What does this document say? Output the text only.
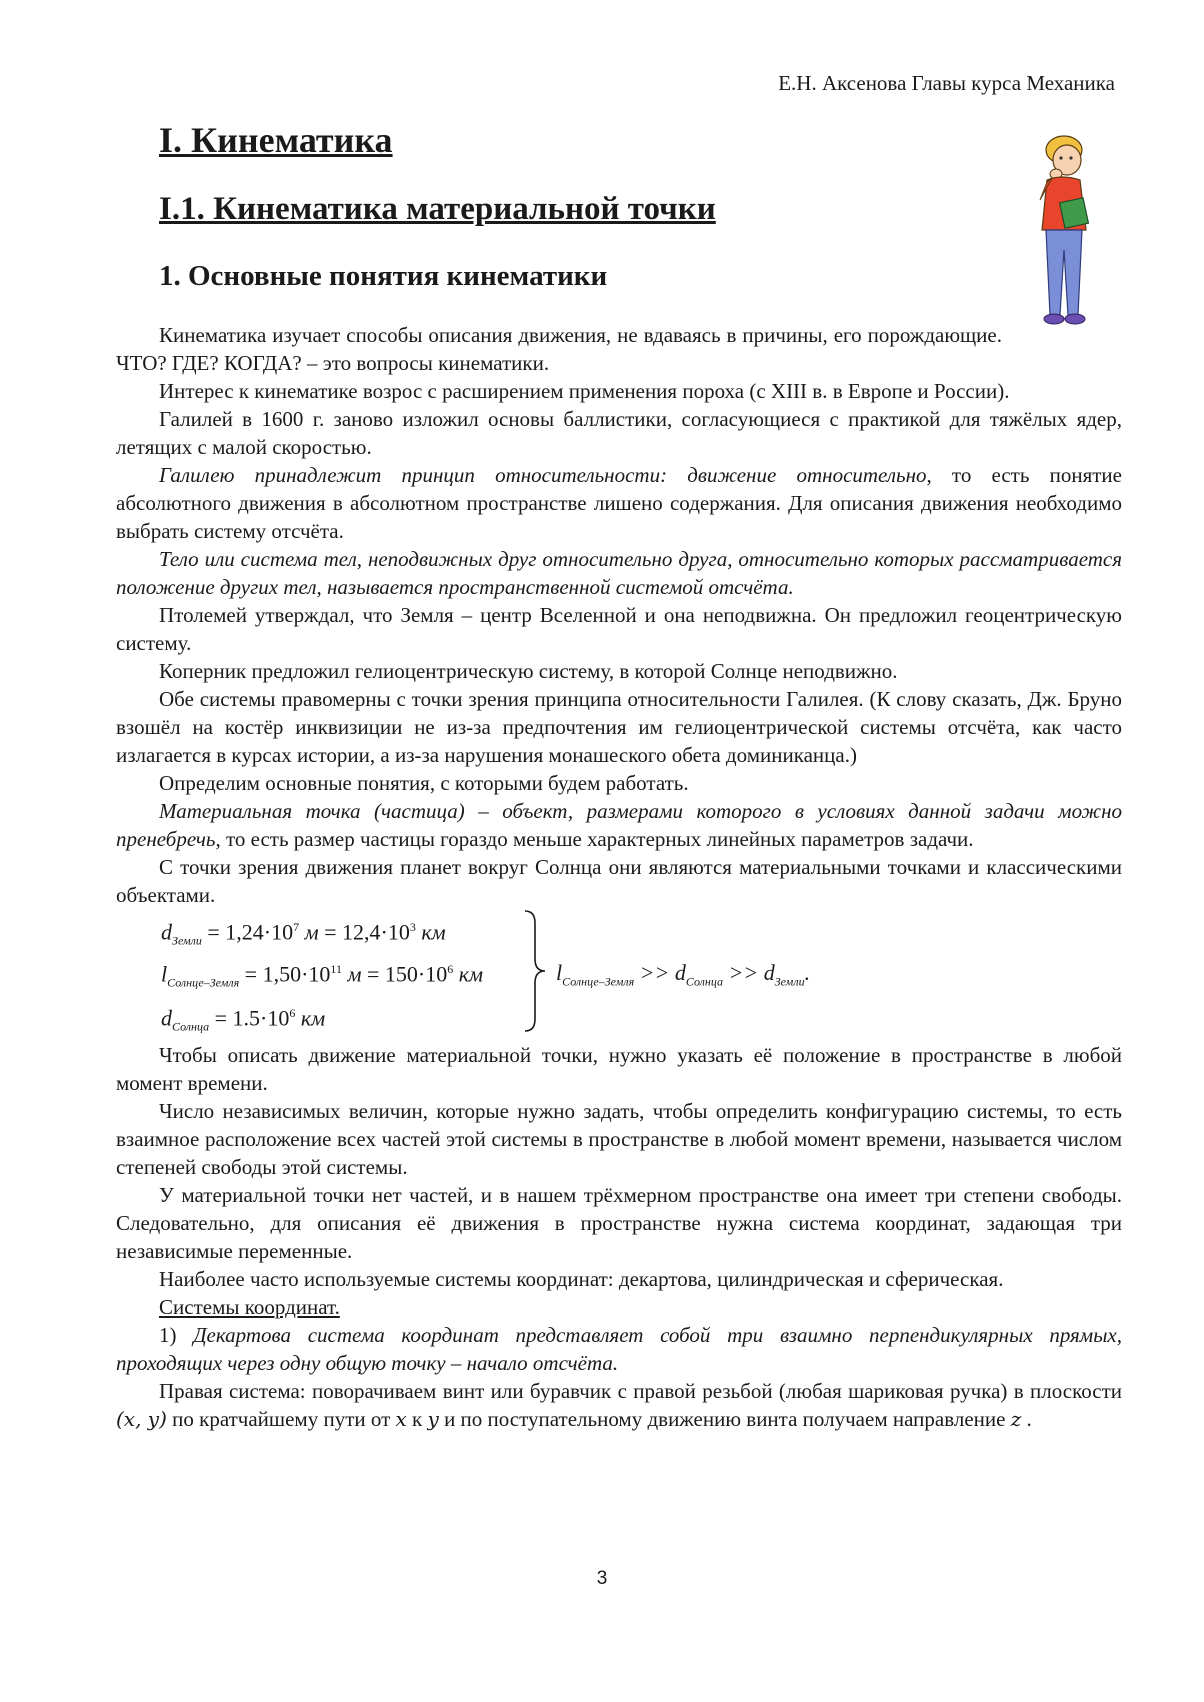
Е.Н. Аксенова Главы курса Механика
I. Кинематика
I.1. Кинематика материальной точки
1. Основные понятия кинематики

Кинематика изучает способы описания движения, не вдаваясь в причины, его порождающие. ЧТО? ГДЕ? КОГДА? – это вопросы кинематики.

Интерес к кинематике возрос с расширением применения пороха (с XIII в. в Европе и России).

Галилей в 1600 г. заново изложил основы баллистики, согласующиеся с практикой для тяжёлых ядер, летящих с малой скоростью.

Галилею принадлежит принцип относительности: движение относительно, то есть понятие абсолютного движения в абсолютном пространстве лишено содержания. Для описания движения необходимо выбрать систему отсчёта.

Тело или система тел, неподвижных друг относительно друга, относительно которых рассматривается положение других тел, называется пространственной системой отсчёта.

Птолемей утверждал, что Земля – центр Вселенной и она неподвижна. Он предложил геоцентрическую систему.

Коперник предложил гелиоцентрическую систему, в которой Солнце неподвижно.

Обе системы правомерны с точки зрения принципа относительности Галилея. (К слову сказать, Дж. Бруно взошёл на костёр инквизиции не из-за предпочтения им гелиоцентрической системы отсчёта, как часто излагается в курсах истории, а из-за нарушения монашеского обета доминиканца.)

Определим основные понятия, с которыми будем работать.

Материальная точка (частица) – объект, размерами которого в условиях данной задачи можно пренебречь, то есть размер частицы гораздо меньше характерных линейных параметров задачи.

С точки зрения движения планет вокруг Солнца они являются материальными точками и классическими объектами.

$d_{Земли} = 1,24\cdot 10^7$ $м = 12,4\cdot 10^3$ км
$l_{Солнце-Земля} = 1,50\cdot 10^{11}$ $м = 150\cdot 10^6$ км
$d_{Солнца} = 1.5\cdot 10^6$ км
$l_{Солнце-Земля} >> d_{Солнца} >> d_{Земли}$.

Чтобы описать движение материальной точки, нужно указать её положение в пространстве в любой момент времени.

Число независимых величин, которые нужно задать, чтобы определить конфигурацию системы, то есть взаимное расположение всех частей этой системы в пространстве в любой момент времени, называется числом степеней свободы этой системы.

У материальной точки нет частей, и в нашем трёхмерном пространстве она имеет три степени свободы. Следовательно, для описания её движения в пространстве нужна система координат, задающая три независимые переменные.

Наиболее часто используемые системы координат: декартова, цилиндрическая и сферическая.

Системы координат.

1) Декартова система координат представляет собой три взаимно перпендикулярных прямых, проходящих через одну общую точку – начало отсчёта.

Правая система: поворачиваем винт или буравчик с правой резьбой (любая шариковая ручка) в плоскости (x, y) по кратчайшему пути от x к y и по поступательному движению винта получаем направление z .

3
